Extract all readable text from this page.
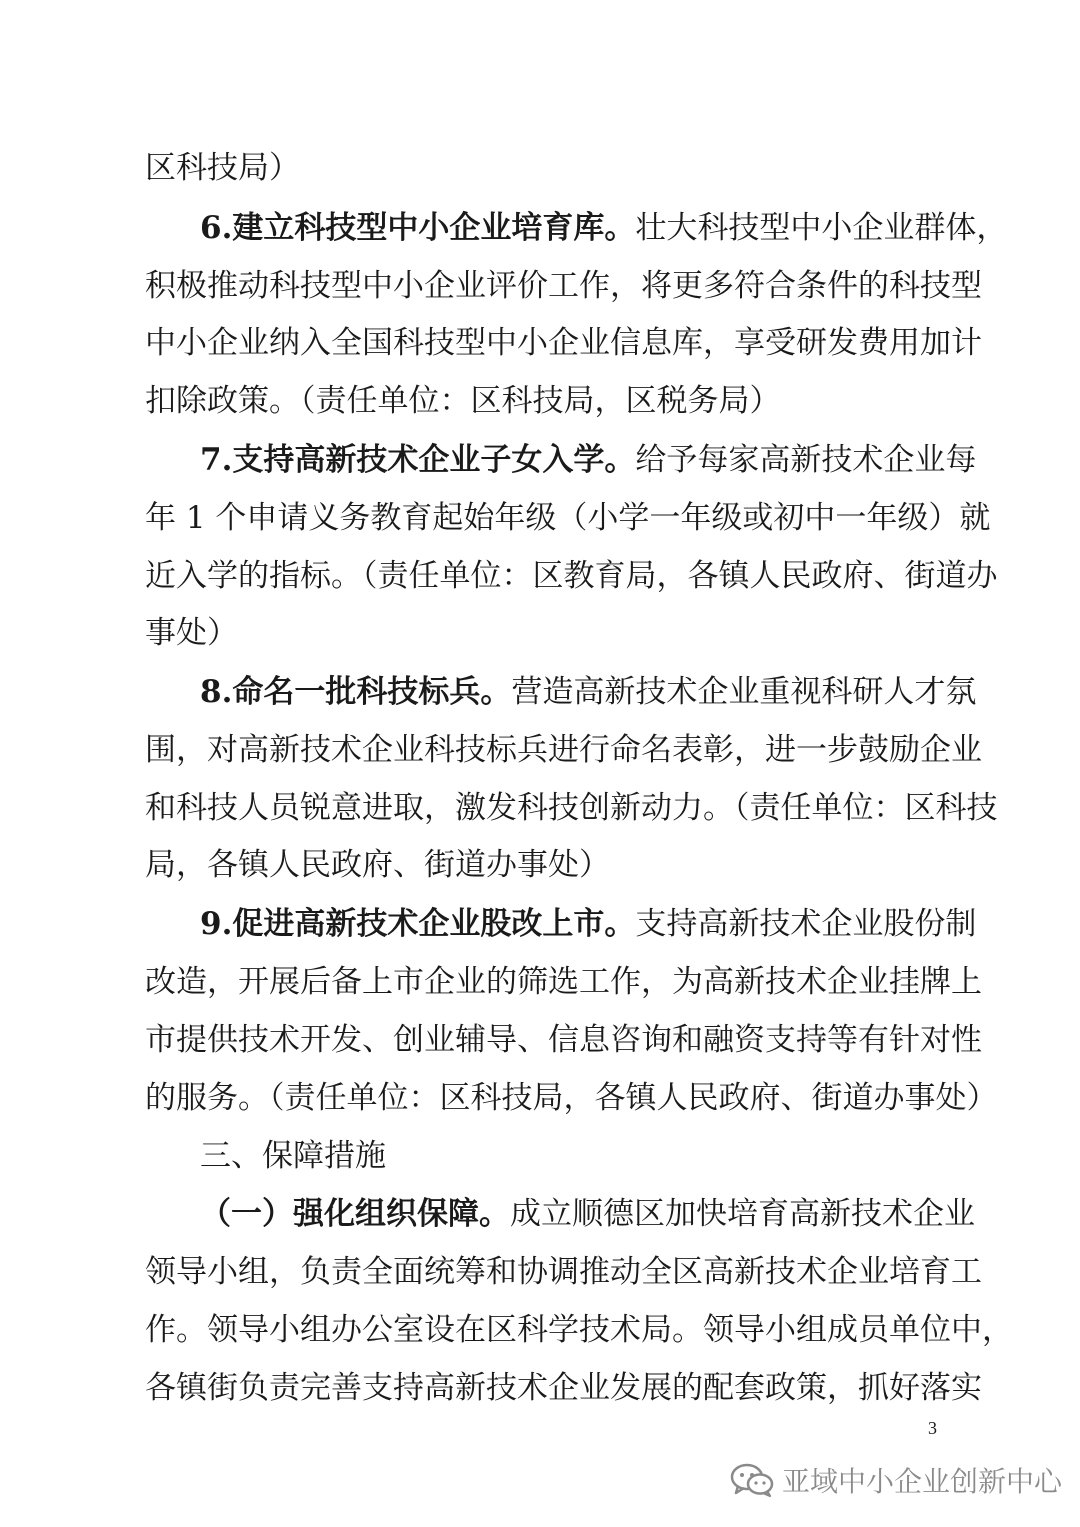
区科技局）
6.建立科技型中小企业培育库。壮大科技型中小企业群体，
积极推动科技型中小企业评价工作，将更多符合条件的科技型
中小企业纳入全国科技型中小企业信息库，享受研发费用加计
扣除政策。（责任单位：区科技局，区税务局）
7.支持高新技术企业子女入学。给予每家高新技术企业每
年 1 个申请义务教育起始年级（小学一年级或初中一年级）就
近入学的指标。（责任单位：区教育局，各镇人民政府、街道办
事处）
8.命名一批科技标兵。营造高新技术企业重视科研人才氛
围，对高新技术企业科技标兵进行命名表彰，进一步鼓励企业
和科技人员锐意进取，激发科技创新动力。（责任单位：区科技
局，各镇人民政府、街道办事处）
9.促进高新技术企业股改上市。支持高新技术企业股份制
改造，开展后备上市企业的筛选工作，为高新技术企业挂牌上
市提供技术开发、创业辅导、信息咨询和融资支持等有针对性
的服务。（责任单位：区科技局，各镇人民政府、街道办事处）
三、保障措施
（一）强化组织保障。成立顺德区加快培育高新技术企业
领导小组，负责全面统筹和协调推动全区高新技术企业培育工
作。领导小组办公室设在区科学技术局。领导小组成员单位中，
各镇街负责完善支持高新技术企业发展的配套政策，抓好落实
3
亚域中小企业创新中心
